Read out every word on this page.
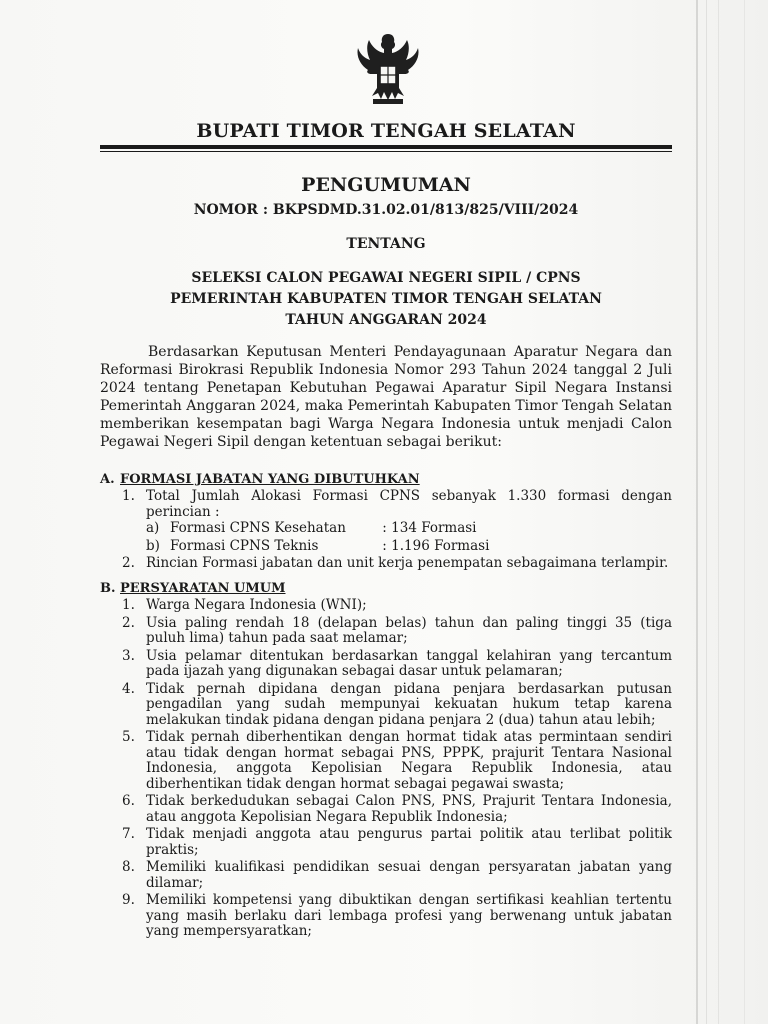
BUPATI TIMOR TENGAH SELATAN
PENGUMUMAN
NOMOR : BKPSDMD.31.02.01/813/825/VIII/2024
TENTANG
SELEKSI CALON PEGAWAI NEGERI SIPIL / CPNS
PEMERINTAH KABUPATEN TIMOR TENGAH SELATAN
TAHUN ANGGARAN 2024

Berdasarkan Keputusan Menteri Pendayagunaan Aparatur Negara dan Reformasi Birokrasi Republik Indonesia Nomor 293 Tahun 2024 tanggal 2 Juli 2024 tentang Penetapan Kebutuhan Pegawai Aparatur Sipil Negara Instansi Pemerintah Anggaran 2024, maka Pemerintah Kabupaten Timor Tengah Selatan memberikan kesempatan bagi Warga Negara Indonesia untuk menjadi Calon Pegawai Negeri Sipil dengan ketentuan sebagai berikut:

A. FORMASI JABATAN YANG DIBUTUHKAN
1. Total Jumlah Alokasi Formasi CPNS sebanyak 1.330 formasi dengan perincian :
a) Formasi CPNS Kesehatan	: 134 Formasi
b) Formasi CPNS Teknis	: 1.196 Formasi
2. Rincian Formasi jabatan dan unit kerja penempatan sebagaimana terlampir.
B. PERSYARATAN UMUM
1. Warga Negara Indonesia (WNI);
2. Usia paling rendah 18 (delapan belas) tahun dan paling tinggi 35 (tiga puluh lima) tahun pada saat melamar;
3. Usia pelamar ditentukan berdasarkan tanggal kelahiran yang tercantum pada ijazah yang digunakan sebagai dasar untuk pelamaran;
4. Tidak pernah dipidana dengan pidana penjara berdasarkan putusan pengadilan yang sudah mempunyai kekuatan hukum tetap karena melakukan tindak pidana dengan pidana penjara 2 (dua) tahun atau lebih;
5. Tidak pernah diberhentikan dengan hormat tidak atas permintaan sendiri atau tidak dengan hormat sebagai PNS, PPPK, prajurit Tentara Nasional Indonesia, anggota Kepolisian Negara Republik Indonesia, atau diberhentikan tidak dengan hormat sebagai pegawai swasta;
6. Tidak berkedudukan sebagai Calon PNS, PNS, Prajurit Tentara Indonesia, atau anggota Kepolisian Negara Republik Indonesia;
7. Tidak menjadi anggota atau pengurus partai politik atau terlibat politik praktis;
8. Memiliki kualifikasi pendidikan sesuai dengan persyaratan jabatan yang dilamar;
9. Memiliki kompetensi yang dibuktikan dengan sertifikasi keahlian tertentu yang masih berlaku dari lembaga profesi yang berwenang untuk jabatan yang mempersyaratkan;
